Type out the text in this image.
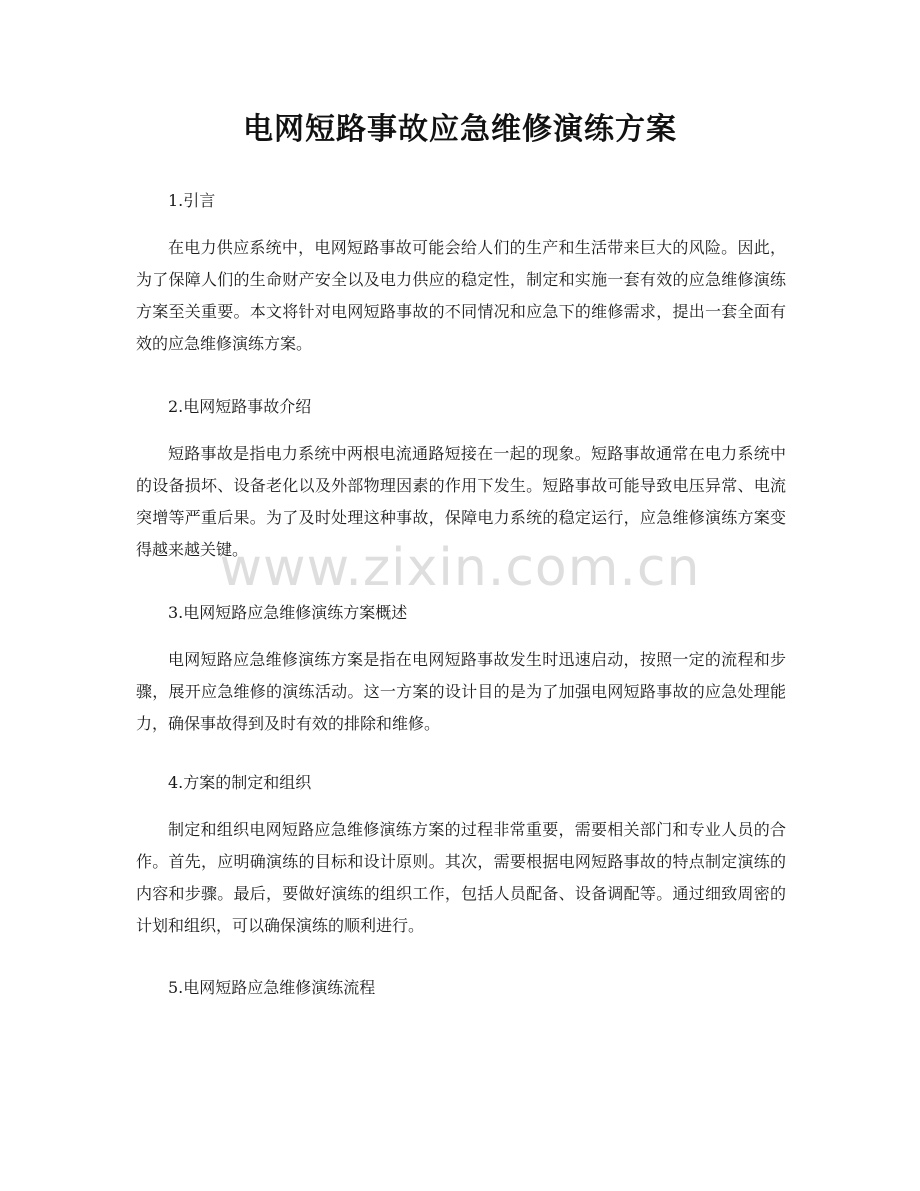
电网短路事故应急维修演练方案

1.引言

在电力供应系统中，电网短路事故可能会给人们的生产和生活带来巨大的风险。因此，为了保障人们的生命财产安全以及电力供应的稳定性，制定和实施一套有效的应急维修演练方案至关重要。本文将针对电网短路事故的不同情况和应急下的维修需求，提出一套全面有效的应急维修演练方案。

2.电网短路事故介绍

短路事故是指电力系统中两根电流通路短接在一起的现象。短路事故通常在电力系统中的设备损坏、设备老化以及外部物理因素的作用下发生。短路事故可能导致电压异常、电流突增等严重后果。为了及时处理这种事故，保障电力系统的稳定运行，应急维修演练方案变得越来越关键。

3.电网短路应急维修演练方案概述

电网短路应急维修演练方案是指在电网短路事故发生时迅速启动，按照一定的流程和步骤，展开应急维修的演练活动。这一方案的设计目的是为了加强电网短路事故的应急处理能力，确保事故得到及时有效的排除和维修。

4.方案的制定和组织

制定和组织电网短路应急维修演练方案的过程非常重要，需要相关部门和专业人员的合作。首先，应明确演练的目标和设计原则。其次，需要根据电网短路事故的特点制定演练的内容和步骤。最后，要做好演练的组织工作，包括人员配备、设备调配等。通过细致周密的计划和组织，可以确保演练的顺利进行。

5.电网短路应急维修演练流程

www.zixin.com.cn
